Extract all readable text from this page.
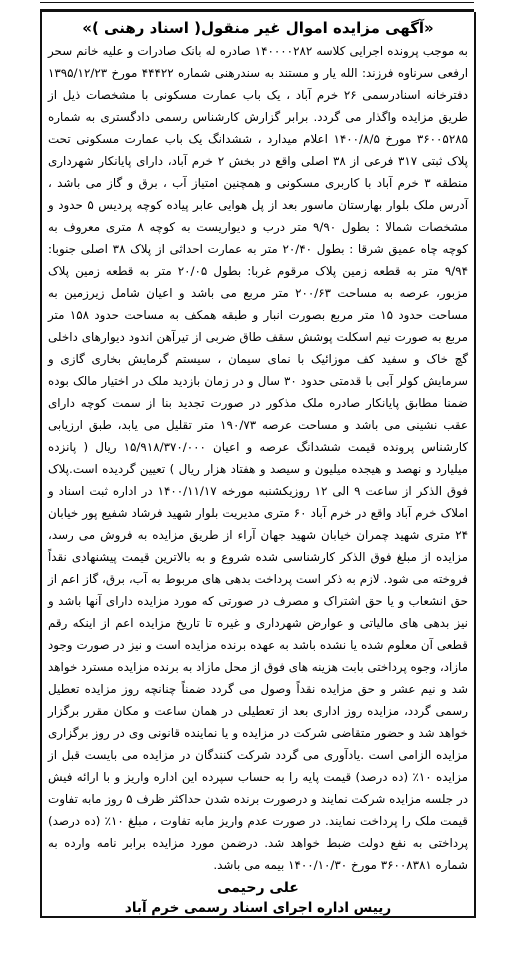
«آگهی مزایده اموال غیر منقول( اسناد رهنی )»

به موجب پرونده اجرایی کلاسه ۱۴۰۰۰۰۲۸۲ صادره له بانک صادرات و علیه خانم سحر ارفعی سرناوه فرزند: الله یار و مستند به سندرهنی شماره ۴۴۴۲۲ مورخ ۱۳۹۵/۱۲/۲۳ دفترخانه اسنادرسمی ۲۶ خرم آباد ، یک باب عمارت مسکونی با مشخصات ذیل از طریق مزایده واگذار می گردد. برابر گزارش کارشناس رسمی دادگستری به شماره ۳۶۰۰۵۲۸۵ مورخ ۱۴۰۰/۸/۵ اعلام میدارد ، ششدانگ یک باب عمارت مسکونی تحت پلاک ثبتی ۳۱۷ فرعی از ۳۸ اصلی واقع در بخش ۲ خرم آباد، دارای پایانکار شهرداری منطقه ۳ خرم آباد با کاربری مسکونی و همچنین امتیاز آب ، برق و گاز می باشد ، آدرس ملک بلوار بهارستان ماسور بعد از پل هوایی عابر پیاده کوچه پردیس ۵ حدود و مشخصات شمالا : بطول ۹/۹۰ متر درب و دیواریست به کوچه ۸ متری معروف به کوچه چاه عمیق شرقا : بطول ۲۰/۴۰ متر به عمارت احداثی از پلاک ۳۸ اصلی جنوبا: ۹/۹۴ متر به قطعه زمین پلاک مرقوم غربا: بطول ۲۰/۰۵ متر به قطعه زمین پلاک مزبور، عرصه به مساحت ۲۰۰/۶۳ متر مربع می باشد و اعیان شامل زیرزمین به مساحت حدود ۱۵ متر مربع بصورت انبار و طبقه همکف به مساحت حدود ۱۵۸ متر مربع به صورت نیم اسکلت پوشش سقف طاق ضربی از تیرآهن اندود دیوارهای داخلی گچ خاک و سفید کف موزائیک با نمای سیمان ، سیستم گرمایش بخاری گازی و سرمایش کولر آبی با قدمتی حدود ۳۰ سال و در زمان بازدید ملک در اختیار مالک بوده ضمنا مطابق پایانکار صادره ملک مذکور در صورت تجدید بنا از سمت کوچه دارای عقب نشینی می باشد و مساحت عرصه ۱۹۰/۷۳ متر تقلیل می یابد، طبق ارزیابی کارشناس پرونده قیمت ششدانگ عرصه و اعیان ۱۵/۹۱۸/۳۷۰/۰۰۰ ریال ( پانزده میلیارد و نهصد و هیجده میلیون و سیصد و هفتاد هزار ریال ) تعیین گردیده است.پلاک فوق الذکر از ساعت ۹ الی ۱۲ روزیکشنبه مورخه ۱۴۰۰/۱۱/۱۷ در اداره ثبت اسناد و املاک خرم آباد واقع در خرم آباد ۶۰ متری مدیریت بلوار شهید فرشاد شفیع پور خیابان ۲۴ متری شهید چمران خیابان شهید جهان آراء از طریق مزایده به فروش می رسد، مزایده از مبلغ فوق الذکر کارشناسی شده شروع و به بالاترین قیمت پیشنهادی نقداً فروخته می شود. لازم به ذکر است پرداخت بدهی های مربوط به آب، برق، گاز اعم از حق انشعاب و یا حق اشتراک و مصرف در صورتی که مورد مزایده دارای آنها باشد و نیز بدهی های مالیاتی و عوارض شهرداری و غیره تا تاریخ مزایده اعم از اینکه رقم قطعی آن معلوم شده یا نشده باشد به عهده برنده مزایده است و نیز در صورت وجود مازاد، وجوه پرداختی بابت هزینه های فوق از محل مازاد به برنده مزایده مسترد خواهد شد و نیم عشر و حق مزایده نقداً وصول می گردد ضمناً چنانچه روز مزایده تعطیل رسمی گردد، مزایده روز اداری بعد از تعطیلی در همان ساعت و مکان مقرر برگزار خواهد شد و حضور متقاضی شرکت در مزایده و یا نماینده قانونی وی در روز برگزاری مزایده الزامی است .یادآوری می گردد شرکت کنندگان در مزایده می بایست قبل از مزایده ۱۰٪ (ده درصد) قیمت پایه را به حساب سپرده این اداره واریز و با ارائه فیش در جلسه مزایده شرکت نمایند و درصورت برنده شدن حداکثر ظرف ۵ روز مابه تفاوت قیمت ملک را پرداخت نمایند. در صورت عدم واریز مابه تفاوت ، مبلغ ۱۰٪ (ده درصد) پرداختی به نفع دولت ضبط خواهد شد. درضمن مورد مزایده برابر نامه وارده به شماره ۳۶۰۰۸۳۸۱ مورخ ۱۴۰۰/۱۰/۳۰ بیمه می باشد.

علی رحیمی
رییس اداره اجرای اسناد رسمی خرم آباد
